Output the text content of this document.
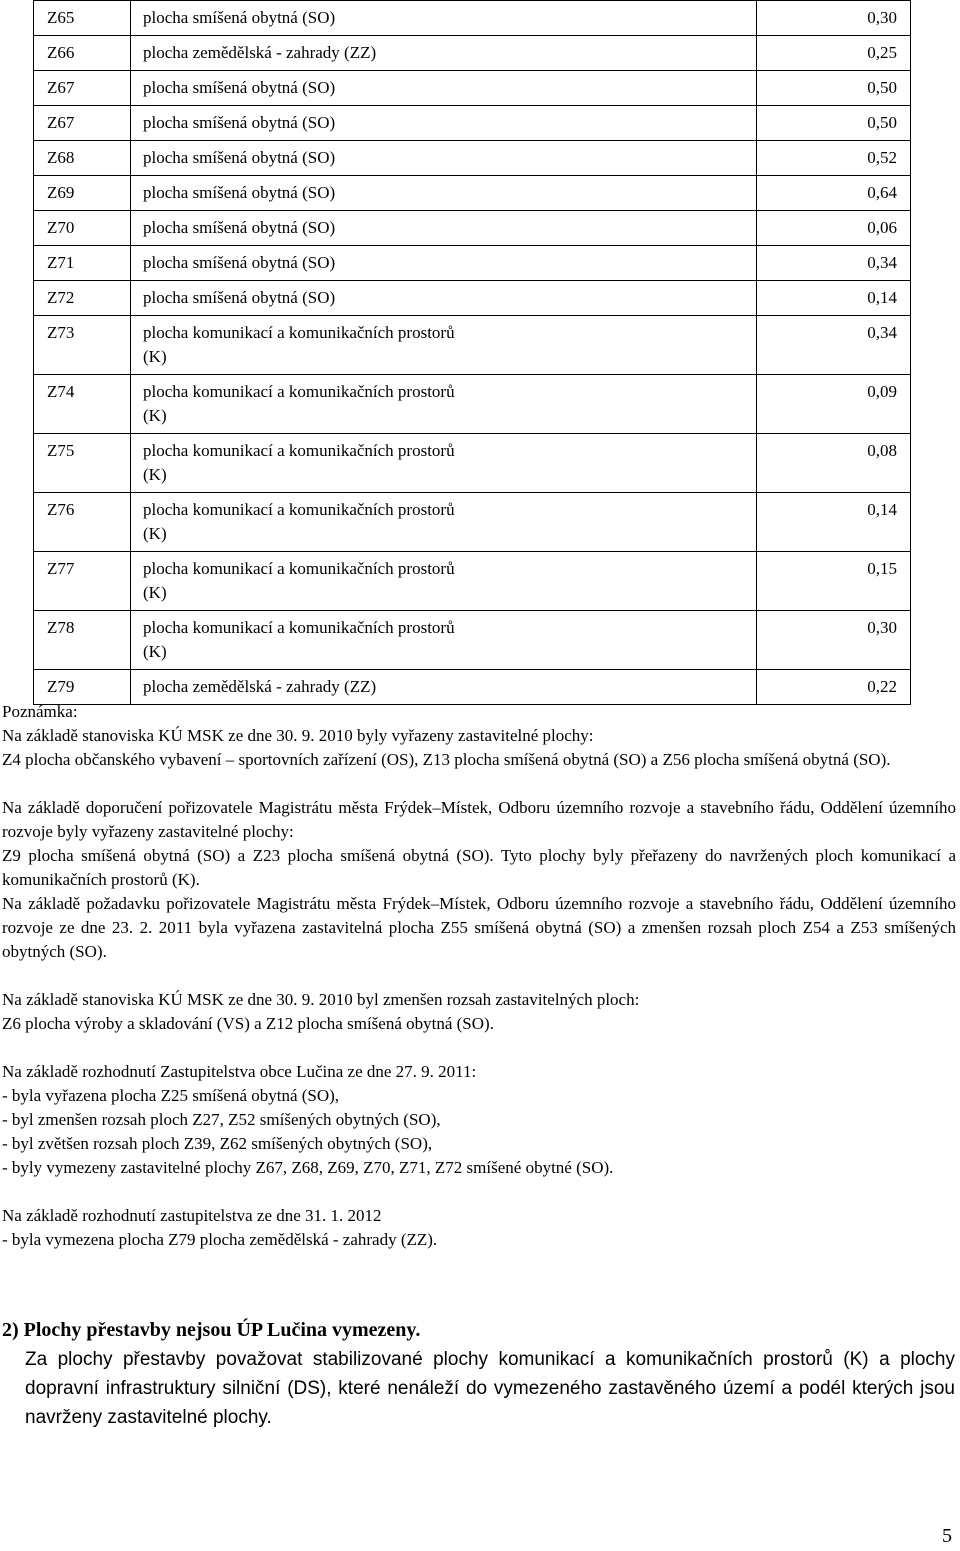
Z65	plocha smíšená obytná (SO)	0,30
Z66	plocha zemědělská - zahrady (ZZ)	0,25
Z67	plocha smíšená obytná (SO)	0,50
Z67	plocha smíšená obytná (SO)	0,50
Z68	plocha smíšená obytná (SO)	0,52
Z69	plocha smíšená obytná (SO)	0,64
Z70	plocha smíšená obytná (SO)	0,06
Z71	plocha smíšená obytná (SO)	0,34
Z72	plocha smíšená obytná (SO)	0,14
Z73	plocha komunikací a komunikačních prostorů (K)	0,34
Z74	plocha komunikací a komunikačních prostorů (K)	0,09
Z75	plocha komunikací a komunikačních prostorů (K)	0,08
Z76	plocha komunikací a komunikačních prostorů (K)	0,14
Z77	plocha komunikací a komunikačních prostorů (K)	0,15
Z78	plocha komunikací a komunikačních prostorů (K)	0,30
Z79	plocha zemědělská - zahrady (ZZ)	0,22

Poznámka:

Na základě stanoviska KÚ MSK ze dne 30. 9. 2010 byly vyřazeny zastavitelné plochy:

Z4 plocha občanského vybavení – sportovních zařízení (OS), Z13 plocha smíšená obytná (SO) a Z56 plocha smíšená obytná (SO).

Na základě doporučení pořizovatele Magistrátu města Frýdek–Místek, Odboru územního rozvoje a stavebního řádu, Oddělení územního rozvoje byly vyřazeny zastavitelné plochy:

Z9 plocha smíšená obytná (SO) a Z23 plocha smíšená obytná (SO). Tyto plochy byly přeřazeny do navržených ploch komunikací a komunikačních prostorů (K).

Na základě požadavku pořizovatele Magistrátu města Frýdek–Místek, Odboru územního rozvoje a stavebního řádu, Oddělení územního rozvoje ze dne 23. 2. 2011 byla vyřazena zastavitelná plocha Z55 smíšená obytná (SO) a zmenšen rozsah ploch Z54 a Z53 smíšených obytných (SO).

Na základě stanoviska KÚ MSK ze dne 30. 9. 2010 byl zmenšen rozsah zastavitelných ploch:

Z6 plocha výroby a skladování (VS) a Z12 plocha smíšená obytná (SO).

Na základě rozhodnutí Zastupitelstva obce Lučina ze dne 27. 9. 2011:

- byla vyřazena plocha Z25 smíšená obytná (SO),

- byl zmenšen rozsah ploch Z27, Z52 smíšených obytných (SO),

- byl zvětšen rozsah ploch Z39, Z62 smíšených obytných (SO),

- byly vymezeny zastavitelné plochy Z67, Z68, Z69, Z70, Z71, Z72 smíšené obytné (SO).

Na základě rozhodnutí zastupitelstva ze dne 31. 1. 2012

- byla vymezena plocha Z79 plocha zemědělská - zahrady (ZZ).

2) Plochy přestavby nejsou ÚP Lučina vymezeny.
Za plochy přestavby považovat stabilizované plochy komunikací a komunikačních prostorů (K) a plochy dopravní infrastruktury silniční (DS), které nenáleží do vymezeného zastavěného území a podél kterých jsou navrženy zastavitelné plochy.
5
